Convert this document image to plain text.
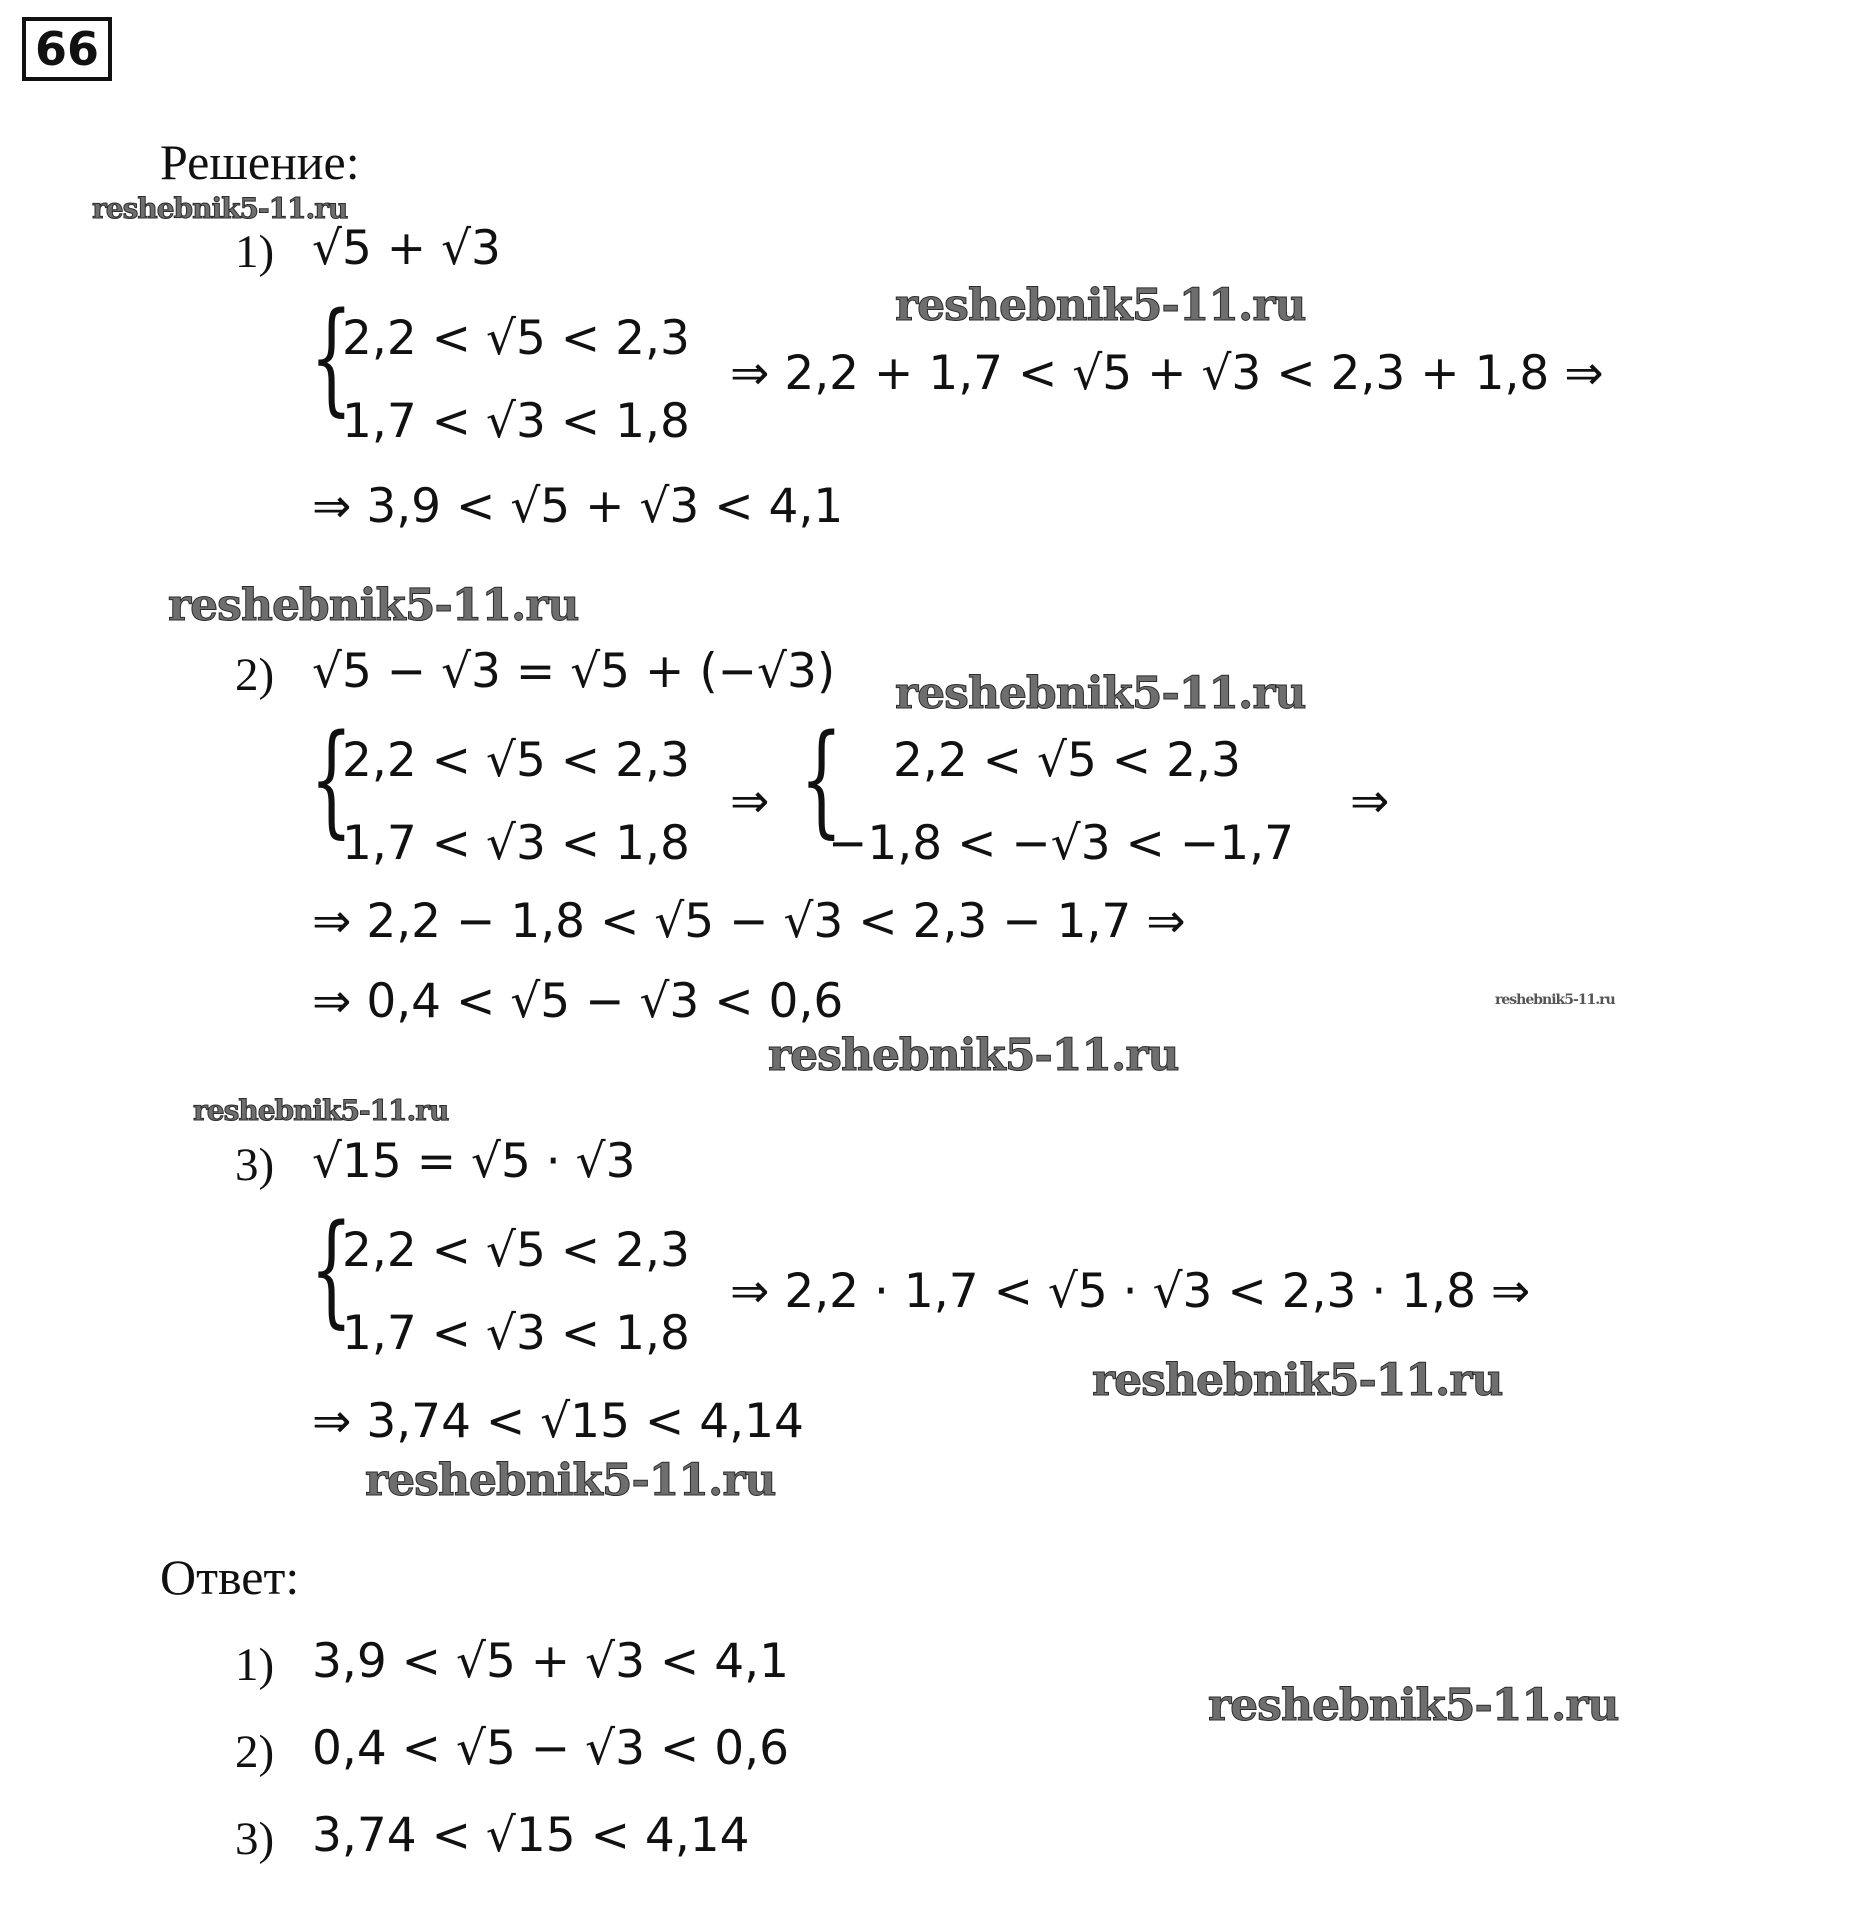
66
Решение:
reshebnik5-11.ru
reshebnik5-11.ru
reshebnik5-11.ru
reshebnik5-11.ru
reshebnik5-11.ru
reshebnik5-11.ru
reshebnik5-11.ru
reshebnik5-11.ru
reshebnik5-11.ru
reshebnik5-11.ru
1) √5 + √3
{
2,2 < √5 < 2,3
1,7 < √3 < 1,8
⇒ 2,2 + 1,7 < √5 + √3 < 2,3 + 1,8 ⇒
⇒ 3,9 < √5 + √3 < 4,1
2) √5 − √3 = √5 + (−√3)
{
2,2 < √5 < 2,3
1,7 < √3 < 1,8
⇒ { 2,2 < √5 < 2,3
−1,8 < −√3 < −1,7
⇒
⇒ 2,2 − 1,8 < √5 − √3 < 2,3 − 1,7 ⇒
⇒ 0,4 < √5 − √3 < 0,6
3) √15 = √5 · √3
{
2,2 < √5 < 2,3
1,7 < √3 < 1,8
⇒ 2,2 · 1,7 < √5 · √3 < 2,3 · 1,8 ⇒
⇒ 3,74 < √15 < 4,14
Ответ:
1) 3,9 < √5 + √3 < 4,1
2) 0,4 < √5 − √3 < 0,6
3) 3,74 < √15 < 4,14
